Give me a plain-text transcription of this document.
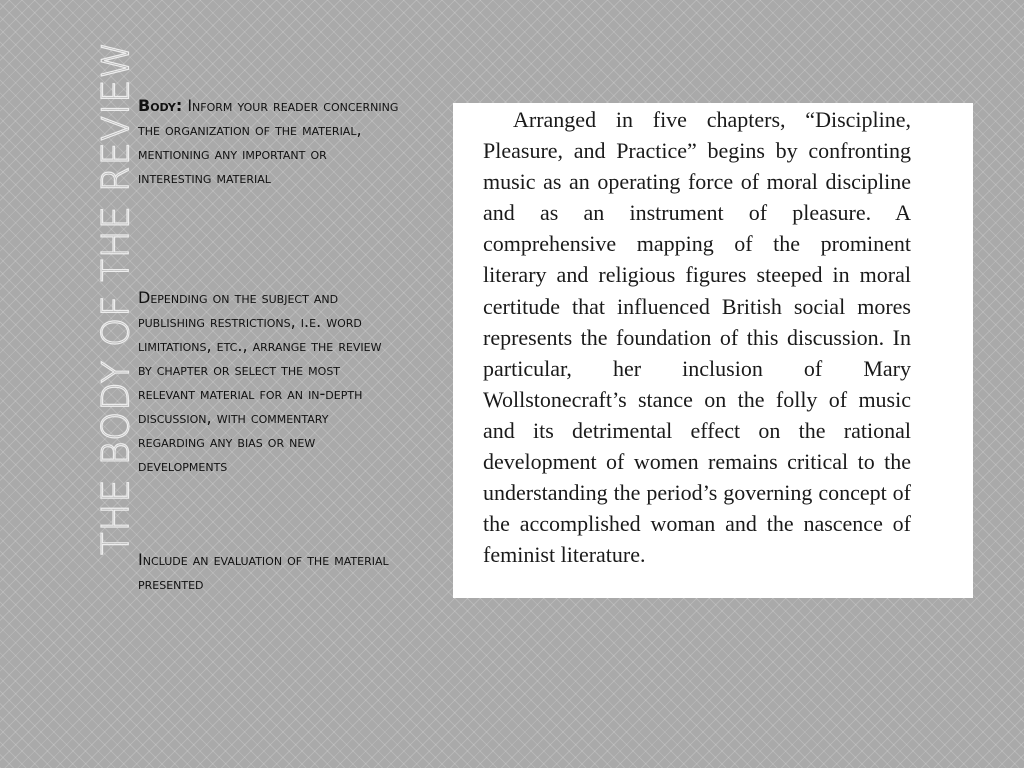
THE BODY OF THE REVIEW Body: Inform your reader concerning the organization of the material, mentioning any important or interesting material

Depending on the subject and publishing restrictions, i.e. word limitations, etc., arrange the review by chapter or select the most relevant material for an in-depth discussion, with commentary regarding any bias or new developments

Include an evaluation of the material presented

Arranged in five chapters, “Discipline, Pleasure, and Practice” begins by confronting music as an operating force of moral discipline and as an instrument of pleasure. A comprehensive mapping of the prominent literary and religious figures steeped in moral certitude that influenced British social mores represents the foundation of this discussion. In particular, her inclusion of Mary Wollstonecraft’s stance on the folly of music and its detrimental effect on the rational development of women remains critical to the understanding the period’s governing concept of the accomplished woman and the nascence of feminist literature.
